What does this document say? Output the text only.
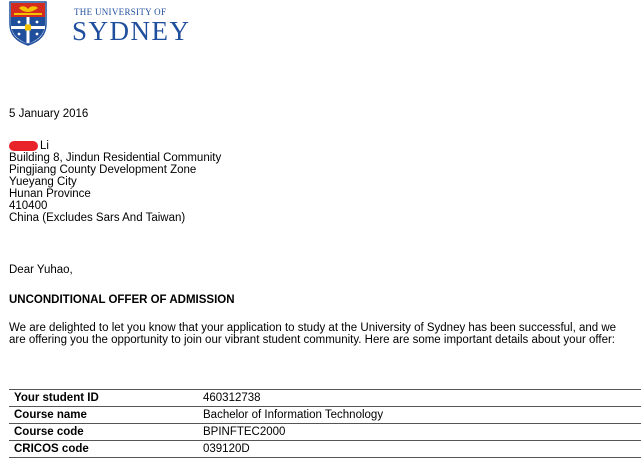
THE UNIVERSITY OF
SYDNEY
5 January 2016
Li
Building 8, Jindun Residential Community
Pingjiang County Development Zone
Yueyang City
Hunan Province
410400
China (Excludes Sars And Taiwan)
Dear Yuhao,
UNCONDITIONAL OFFER OF ADMISSION
We are delighted to let you know that your application to study at the University of Sydney has been successful, and we are offering you the opportunity to join our vibrant student community. Here are some important details about your offer:
Your student ID	460312738
Course name	Bachelor of Information Technology
Course code	BPINFTEC2000
CRICOS code	039120D
